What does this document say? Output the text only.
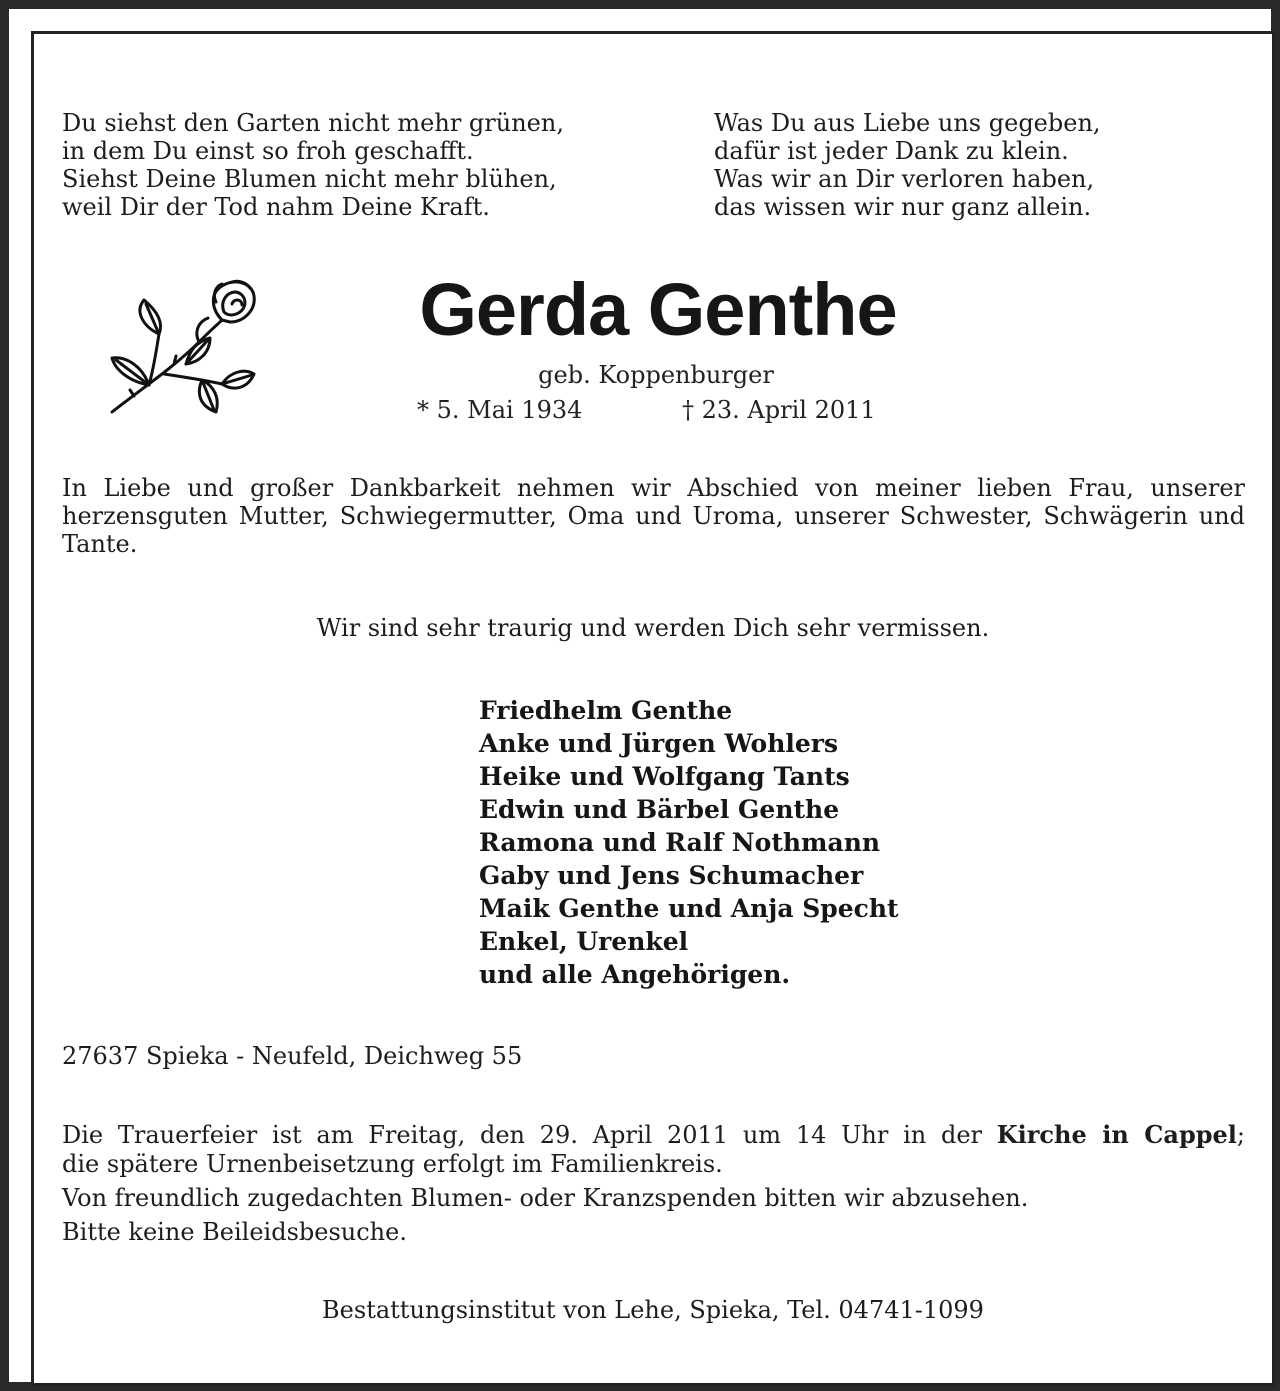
Du siehst den Garten nicht mehr grünen,
in dem Du einst so froh geschafft.
Siehst Deine Blumen nicht mehr blühen,
weil Dir der Tod nahm Deine Kraft.
Was Du aus Liebe uns gegeben,
dafür ist jeder Dank zu klein.
Was wir an Dir verloren haben,
das wissen wir nur ganz allein.
Gerda Genthe
geb. Koppenburger
* 5. Mai 1934	† 23. April 2011
In Liebe und großer Dankbarkeit nehmen wir Abschied von meiner lieben Frau, unserer herzensguten Mutter, Schwiegermutter, Oma und Uroma, unserer Schwester, Schwägerin und Tante.
Wir sind sehr traurig und werden Dich sehr vermissen.
Friedhelm Genthe
Anke und Jürgen Wohlers
Heike und Wolfgang Tants
Edwin und Bärbel Genthe
Ramona und Ralf Nothmann
Gaby und Jens Schumacher
Maik Genthe und Anja Specht
Enkel, Urenkel
und alle Angehörigen.
27637 Spieka - Neufeld, Deichweg 55
Die Trauerfeier ist am Freitag, den 29. April 2011 um 14 Uhr in der Kirche in Cappel;
die spätere Urnenbeisetzung erfolgt im Familienkreis.
Von freundlich zugedachten Blumen- oder Kranzspenden bitten wir abzusehen.
Bitte keine Beileidsbesuche.
Bestattungsinstitut von Lehe, Spieka, Tel. 04741-1099
